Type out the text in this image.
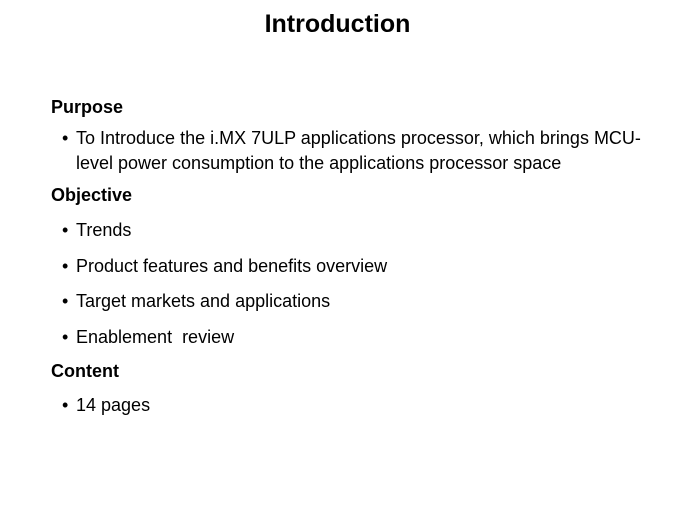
Introduction
Purpose
• To Introduce the i.MX 7ULP applications processor, which brings MCU-level power consumption to the applications processor space
Objective
• Trends
• Product features and benefits overview
• Target markets and applications
• Enablement  review
Content
• 14 pages
